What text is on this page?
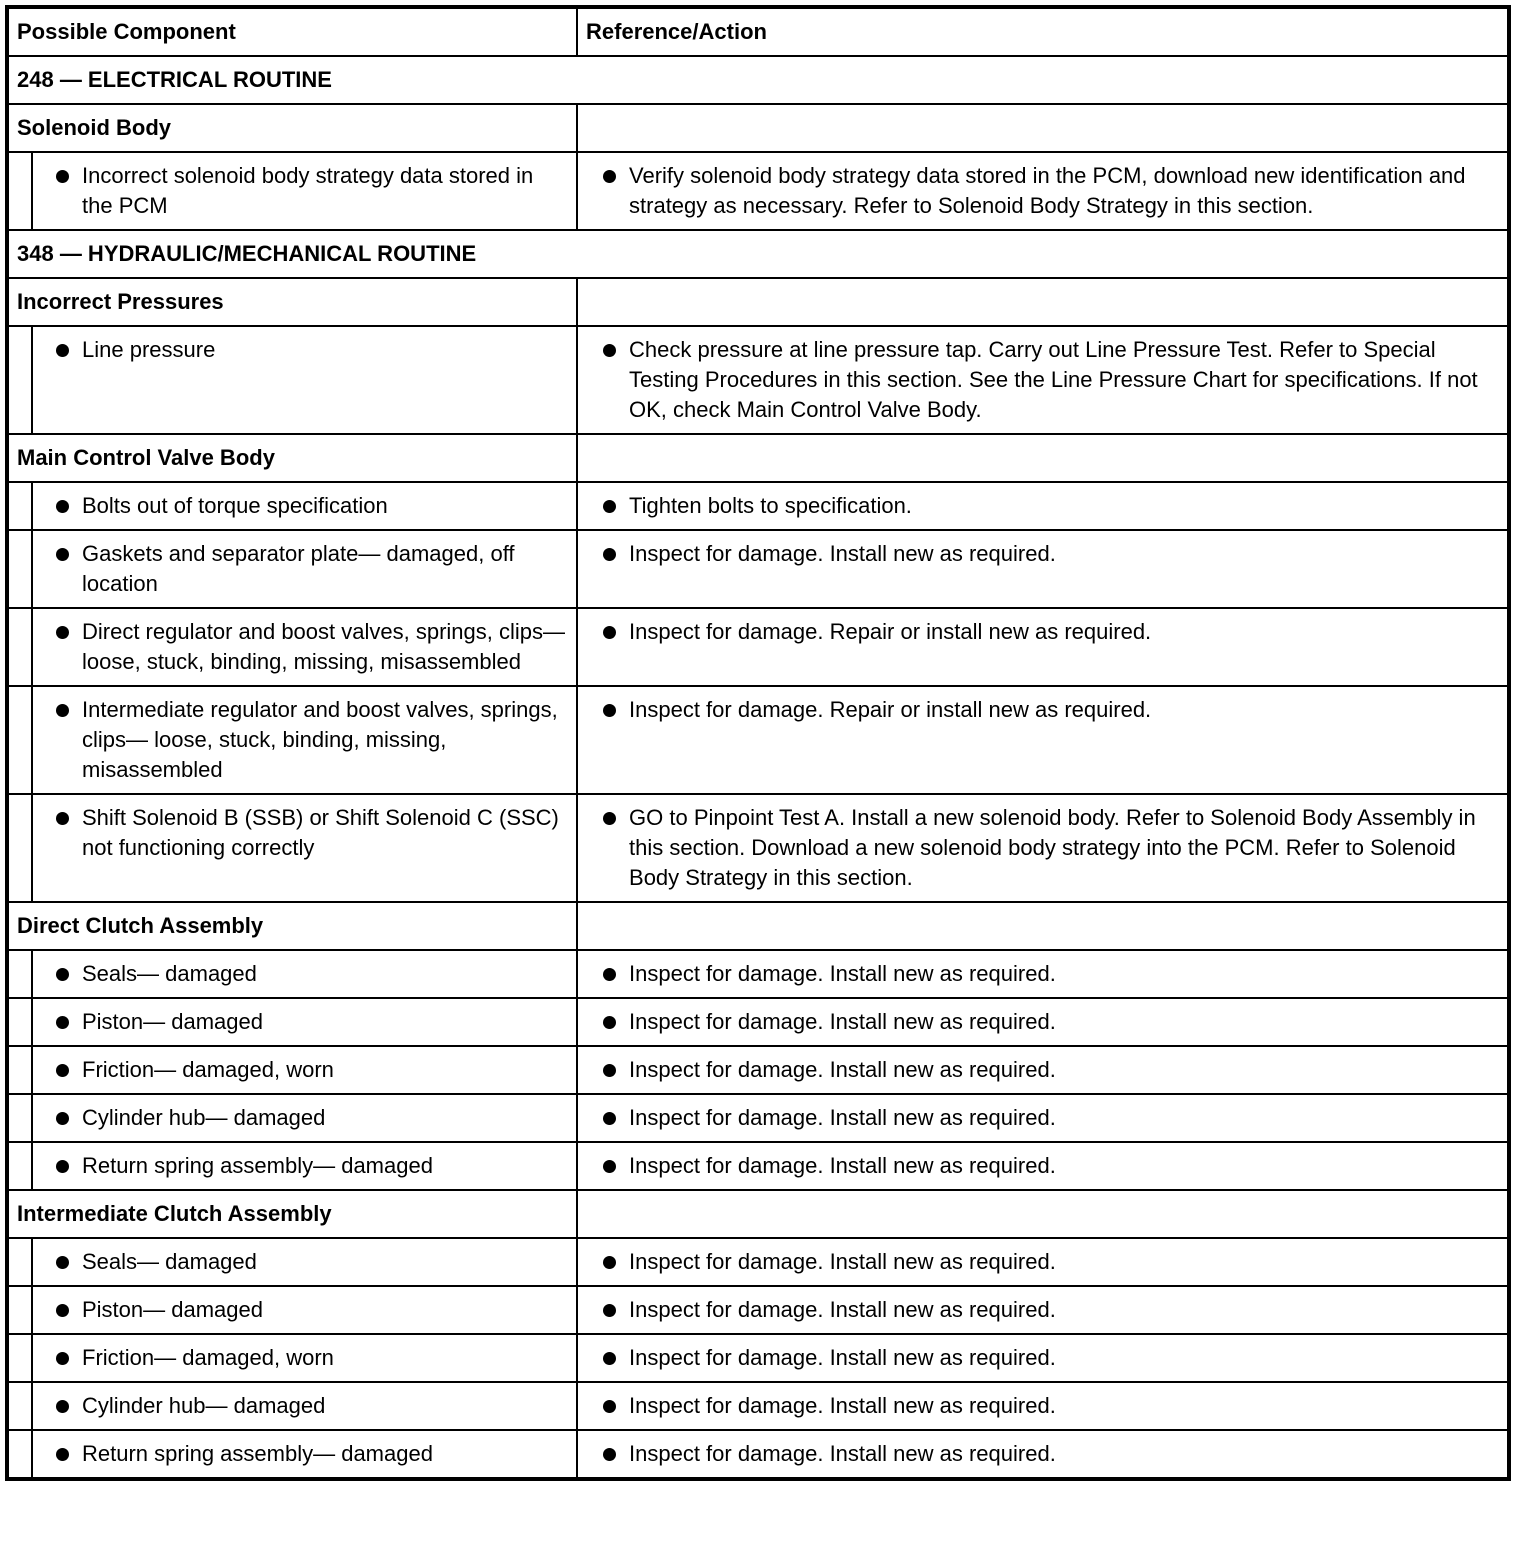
Possible Component		Reference/Action
248 — ELECTRICAL ROUTINE		
Solenoid Body		

	Incorrect solenoid body strategy data stored in the PCM	Verify solenoid body strategy data stored in the PCM, download new identification and strategy as necessary. Refer to Solenoid Body Strategy in this section.

348 — HYDRAULIC/MECHANICAL ROUTINE		
Incorrect Pressures		

	Line pressure	Check pressure at line pressure tap. Carry out Line Pressure Test. Refer to Special Testing Procedures in this section. See the Line Pressure Chart for specifications. If not OK, check Main Control Valve Body.

Main Control Valve Body		

	Bolts out of torque specification	Tighten bolts to specification.

	Gaskets and separator plate— damaged, off location	Inspect for damage. Install new as required.

	Direct regulator and boost valves, springs, clips— loose, stuck, binding, missing, misassembled	Inspect for damage. Repair or install new as required.

	Intermediate regulator and boost valves, springs, clips— loose, stuck, binding, missing, misassembled	Inspect for damage. Repair or install new as required.

	Shift Solenoid B (SSB) or Shift Solenoid C (SSC) not functioning correctly	GO to Pinpoint Test A. Install a new solenoid body. Refer to Solenoid Body Assembly in this section. Download a new solenoid body strategy into the PCM. Refer to Solenoid Body Strategy in this section.

Direct Clutch Assembly		

	Seals— damaged	Inspect for damage. Install new as required.

	Piston— damaged	Inspect for damage. Install new as required.

	Friction— damaged, worn	Inspect for damage. Install new as required.

	Cylinder hub— damaged	Inspect for damage. Install new as required.

	Return spring assembly— damaged	Inspect for damage. Install new as required.

Intermediate Clutch Assembly		

	Seals— damaged	Inspect for damage. Install new as required.

	Piston— damaged	Inspect for damage. Install new as required.

	Friction— damaged, worn	Inspect for damage. Install new as required.

	Cylinder hub— damaged	Inspect for damage. Install new as required.

	Return spring assembly— damaged	Inspect for damage. Install new as required.
